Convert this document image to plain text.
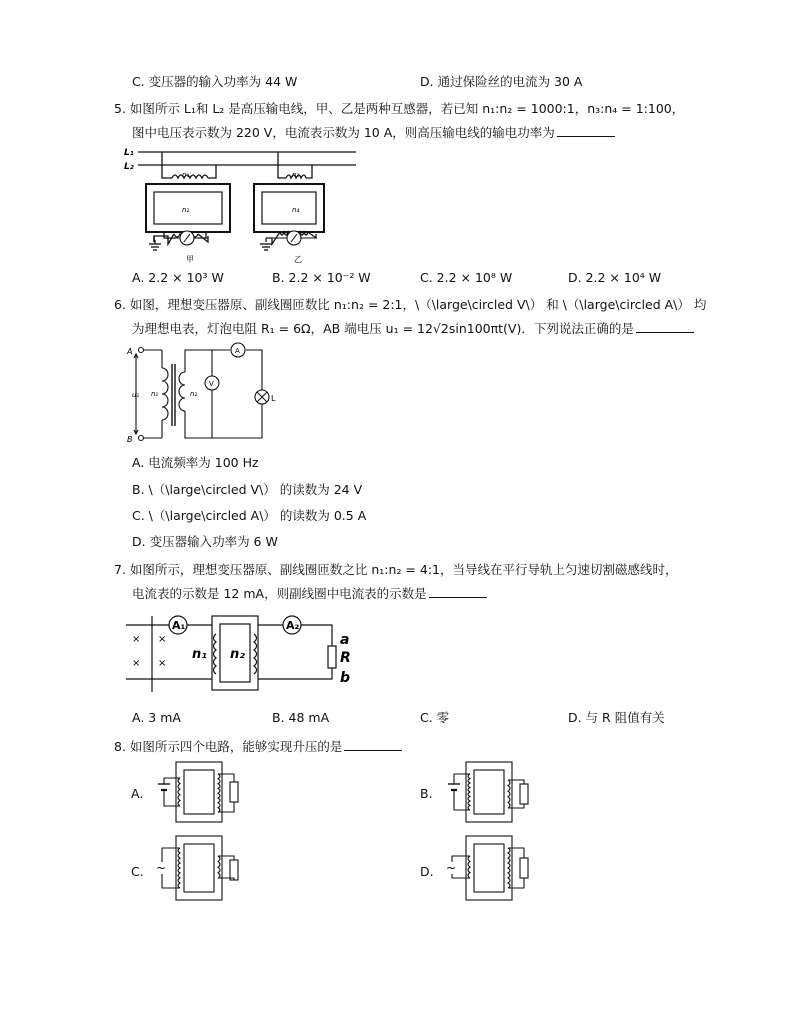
C. 变压器的输入功率为 44 W	D. 通过保险丝的电流为 30 A
5. 如图所示 L₁和 L₂ 是高压输电线，甲、乙是两种互感器，若已知 n₁:n₂ = 1000:1，n₃:n₄ = 1:100，
图中电压表示数为 220 V，电流表示数为 10 A，则高压输电线的输电功率为
L₁
L₂
n₁
n₂
n₃
n₄
甲	乙
A. 2.2 × 10³ W	B. 2.2 × 10⁻² W	C. 2.2 × 10⁸ W	D. 2.2 × 10⁴ W
6. 如图，理想变压器原、副线圈匝数比 n₁:n₂ = 2:1，\（\large\circled V\） 和 \（\large\circled A\） 均
为理想电表，灯泡电阻 R₁ = 6Ω，AB 端电压 u₁ = 12√2sin100πt(V)．下列说法正确的是
A
B
u₁ n₁	n₂
A
V
L
A. 电流频率为 100 Hz
B. \（\large\circled V\） 的读数为 24 V
C. \（\large\circled A\） 的读数为 0.5 A
D. 变压器输入功率为 6 W
7. 如图所示，理想变压器原、副线圈匝数之比 n₁:n₂ = 4:1，当导线在平行导轨上匀速切割磁感线时，
电流表的示数是 12 mA，则副线圈中电流表的示数是
A₁	A₂
n₁ n₂
a
R
b
× ×
× ×
A. 3 mA	B. 48 mA	C. 零	D. 与 R 阻值有关
8. 如图所示四个电路，能够实现升压的是
A.	B.
C.	D.
~	~
